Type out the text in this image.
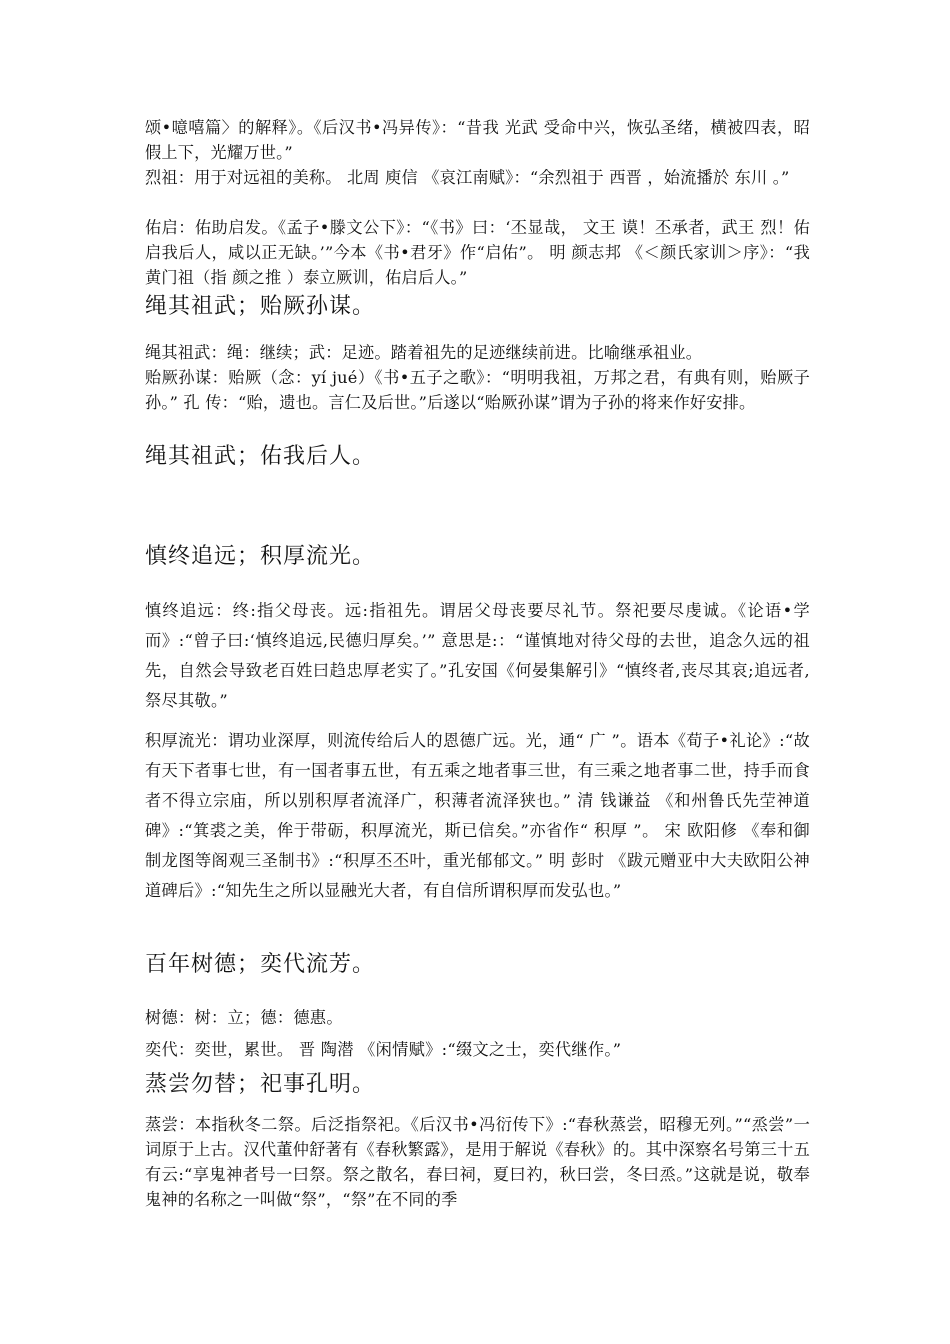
颂•噫嘻篇〉的解释》。《后汉书•冯异传》：“昔我 光武 受命中兴，恢弘圣绪，横被四表，昭假上下，光耀万世。”

烈祖：用于对远祖的美称。 北周 庾信 《哀江南赋》：“余烈祖于 西晋 ，始流播於 东川 。”

佑启：佑助启发。《孟子•滕文公下》：“《书》曰：‘丕显哉， 文王 谟！丕承者，武王 烈！佑启我后人，咸以正无缺。’”今本《书•君牙》作“启佑”。 明 颜志邦 《＜颜氏家训＞序》：“我黄门祖（指 颜之推 ）泰立厥训，佑启后人。”

绳其祖武；贻厥孙谋。

绳其祖武：绳：继续；武：足迹。踏着祖先的足迹继续前进。比喻继承祖业。

贻厥孙谋：贻厥（念：yí jué）《书•五子之歌》：“明明我祖，万邦之君，有典有则，贻厥子孙。” 孔 传：“贻，遗也。言仁及后世。”后遂以“贻厥孙谋”谓为子孙的将来作好安排。

绳其祖武；佑我后人。
慎终追远；积厚流光。

慎终追远：终:指父母丧。远:指祖先。谓居父母丧要尽礼节。祭祀要尽虔诚。《论语•学而》:“曾子曰:‘慎终追远,民德归厚矣。’” 意思是:：“谨慎地对待父母的去世，追念久远的祖先，自然会导致老百姓曰趋忠厚老实了。”孔安国《何晏集解引》“慎终者,丧尽其哀;追远者,祭尽其敬。”

积厚流光：谓功业深厚，则流传给后人的恩德广远。光，通“ 广 ”。语本《荀子•礼论》:“故有天下者事七世，有一国者事五世，有五乘之地者事三世，有三乘之地者事二世，持手而食者不得立宗庙，所以别积厚者流泽广，积薄者流泽狭也。” 清 钱谦益 《和州鲁氏先茔神道碑》:“箕裘之美，侔于带砺，积厚流光，斯已信矣。”亦省作“ 积厚 ”。 宋 欧阳修 《奉和御制龙图等阁观三圣制书》:“积厚丕丕叶，重光郁郁文。” 明 彭时 《跋元赠亚中大夫欧阳公神道碑后》:“知先生之所以显融光大者，有自信所谓积厚而发弘也。”

百年树德；奕代流芳。

树德：树：立；德：德惠。

奕代：奕世，累世。 晋 陶潜 《闲情赋》:“缀文之士，奕代继作。”

蒸尝勿替；祀事孔明。

蒸尝：本指秋冬二祭。后泛指祭祀。《后汉书•冯衍传下》:“春秋蒸尝，昭穆无列。”“烝尝”一词原于上古。汉代董仲舒著有《春秋繁露》，是用于解说《春秋》的。其中深察名号第三十五有云:“享鬼神者号一曰祭。祭之散名，春曰祠，夏曰礿，秋曰尝，冬曰烝。”这就是说，敬奉鬼神的名称之一叫做“祭”，“祭”在不同的季
